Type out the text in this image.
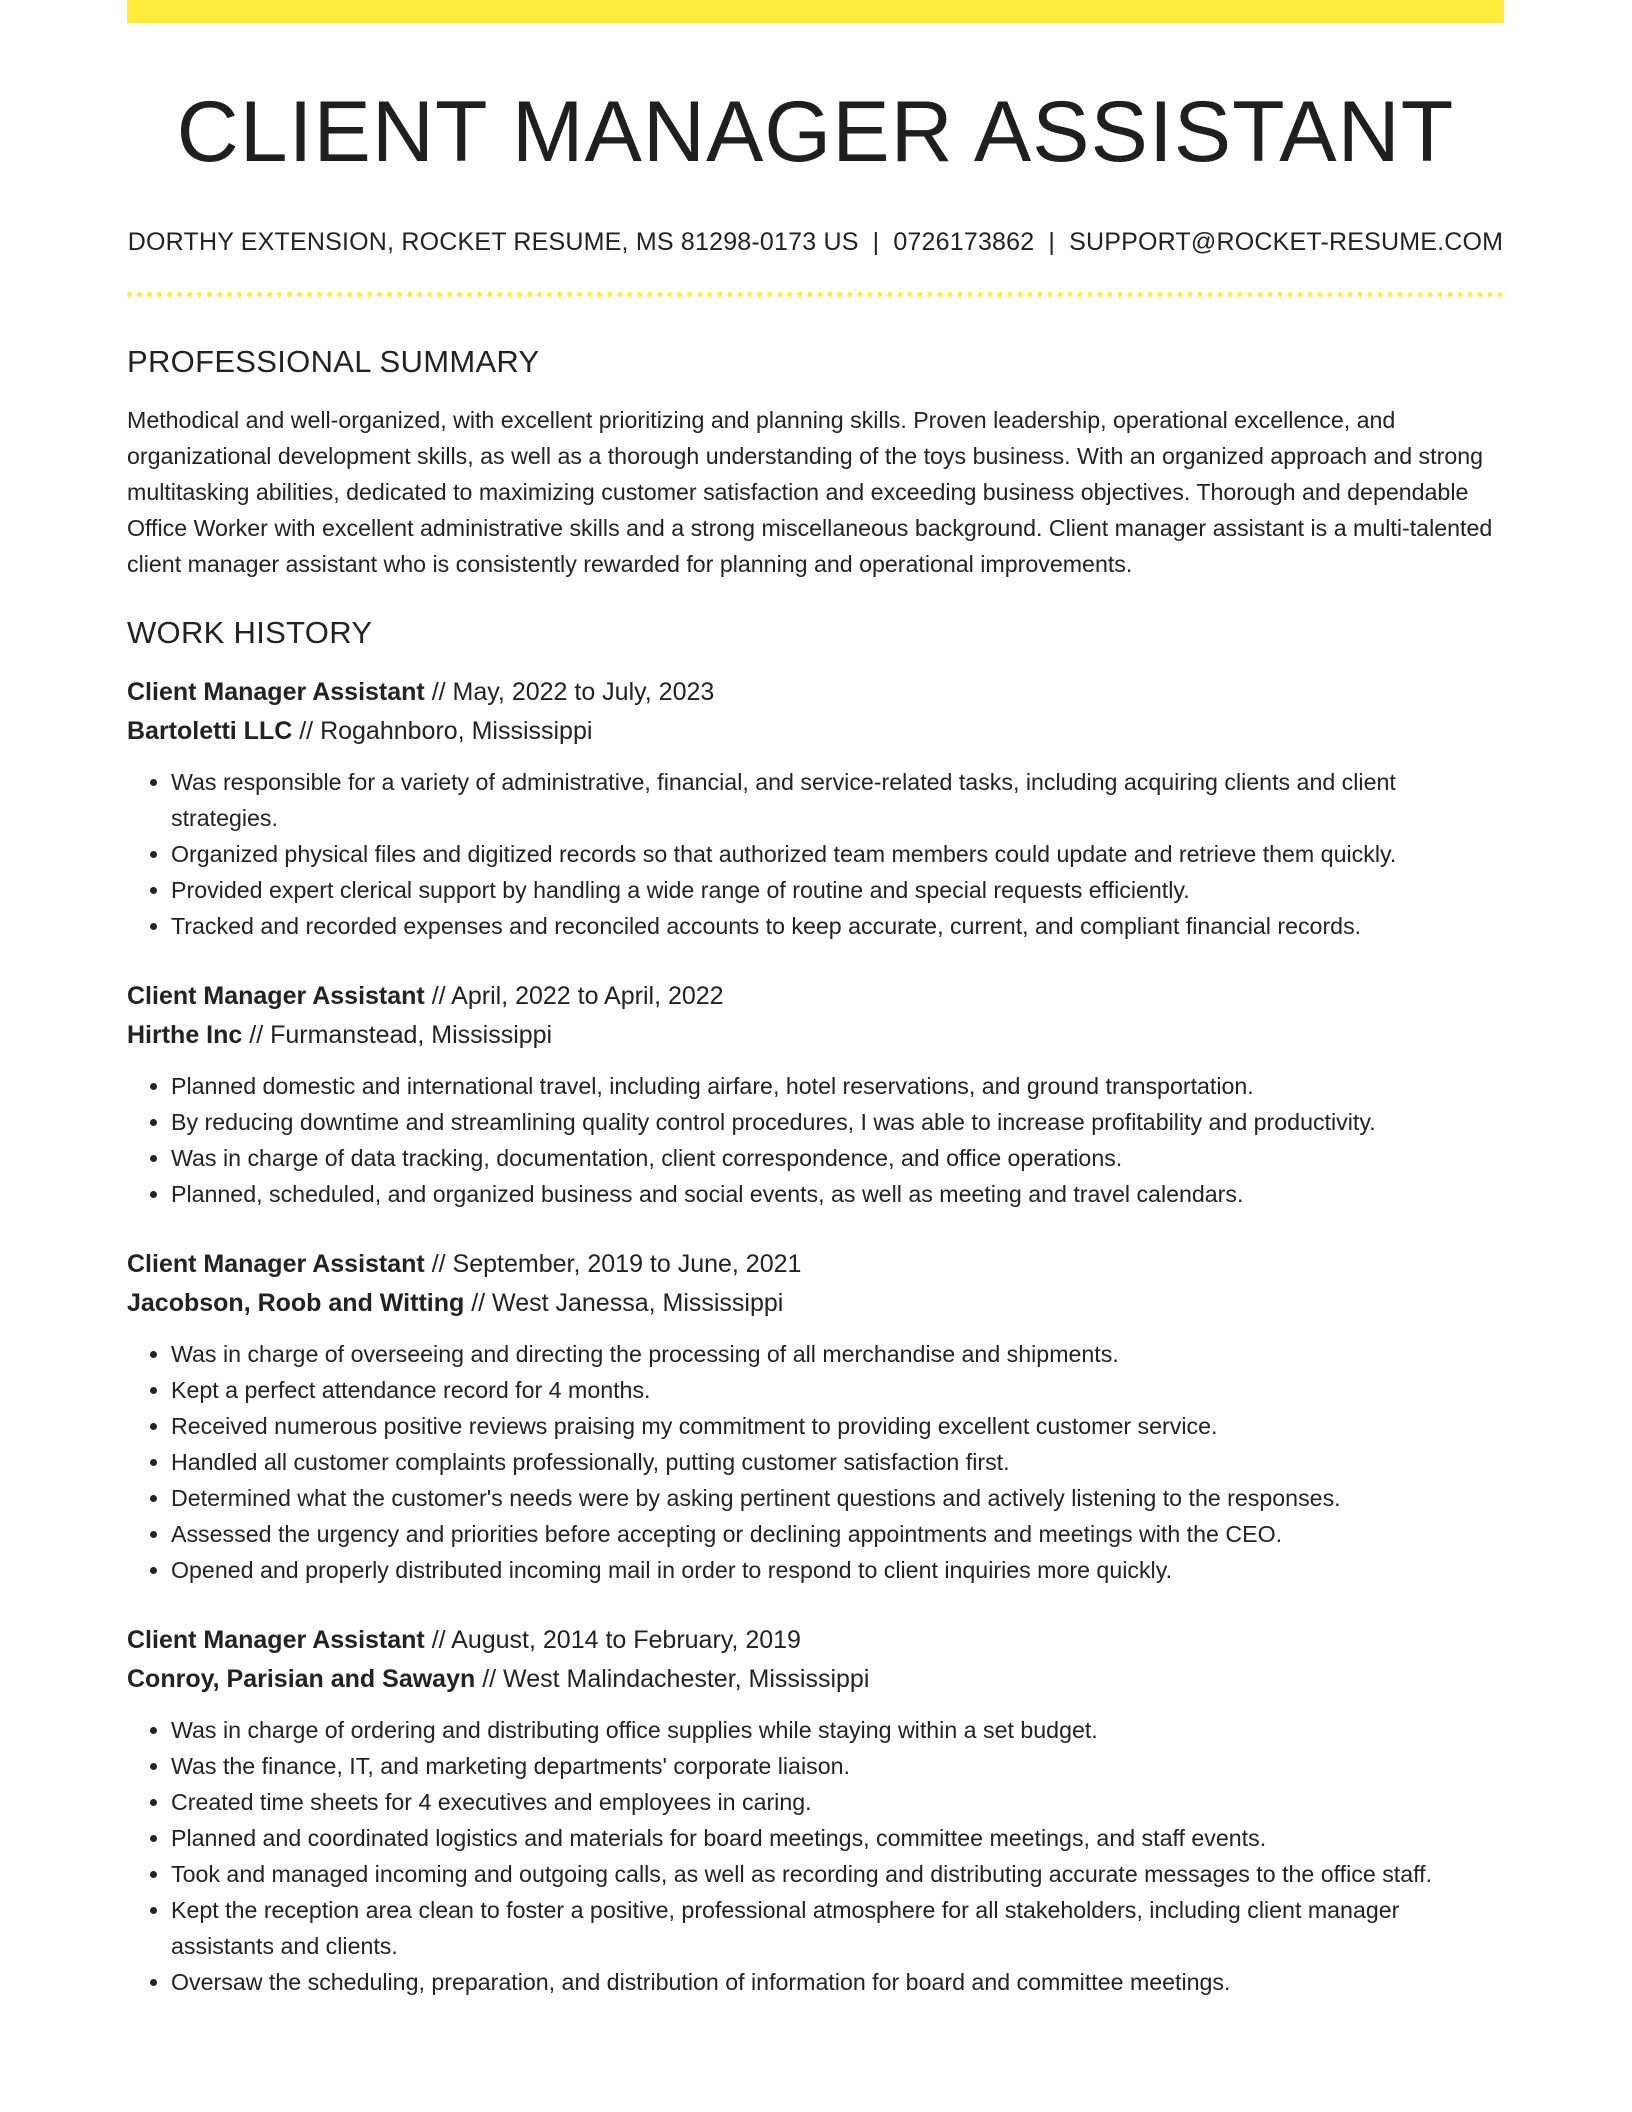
CLIENT MANAGER ASSISTANT
DORTHY EXTENSION, ROCKET RESUME, MS 81298-0173 US | 0726173862 | SUPPORT@ROCKET-RESUME.COM
PROFESSIONAL SUMMARY

Methodical and well-organized, with excellent prioritizing and planning skills. Proven leadership, operational excellence, and organizational development skills, as well as a thorough understanding of the toys business. With an organized approach and strong multitasking abilities, dedicated to maximizing customer satisfaction and exceeding business objectives. Thorough and dependable Office Worker with excellent administrative skills and a strong miscellaneous background. Client manager assistant is a multi-talented client manager assistant who is consistently rewarded for planning and operational improvements.

WORK HISTORY
Client Manager Assistant // May, 2022 to July, 2023
Bartoletti LLC // Rogahnboro, Mississippi
• Was responsible for a variety of administrative, financial, and service-related tasks, including acquiring clients and client strategies.
• Organized physical files and digitized records so that authorized team members could update and retrieve them quickly.
• Provided expert clerical support by handling a wide range of routine and special requests efficiently.
• Tracked and recorded expenses and reconciled accounts to keep accurate, current, and compliant financial records.
Client Manager Assistant // April, 2022 to April, 2022
Hirthe Inc // Furmanstead, Mississippi
• Planned domestic and international travel, including airfare, hotel reservations, and ground transportation.
• By reducing downtime and streamlining quality control procedures, I was able to increase profitability and productivity.
• Was in charge of data tracking, documentation, client correspondence, and office operations.
• Planned, scheduled, and organized business and social events, as well as meeting and travel calendars.
Client Manager Assistant // September, 2019 to June, 2021
Jacobson, Roob and Witting // West Janessa, Mississippi
• Was in charge of overseeing and directing the processing of all merchandise and shipments.
• Kept a perfect attendance record for 4 months.
• Received numerous positive reviews praising my commitment to providing excellent customer service.
• Handled all customer complaints professionally, putting customer satisfaction first.
• Determined what the customer's needs were by asking pertinent questions and actively listening to the responses.
• Assessed the urgency and priorities before accepting or declining appointments and meetings with the CEO.
• Opened and properly distributed incoming mail in order to respond to client inquiries more quickly.
Client Manager Assistant // August, 2014 to February, 2019
Conroy, Parisian and Sawayn // West Malindachester, Mississippi
• Was in charge of ordering and distributing office supplies while staying within a set budget.
• Was the finance, IT, and marketing departments' corporate liaison.
• Created time sheets for 4 executives and employees in caring.
• Planned and coordinated logistics and materials for board meetings, committee meetings, and staff events.
• Took and managed incoming and outgoing calls, as well as recording and distributing accurate messages to the office staff.
• Kept the reception area clean to foster a positive, professional atmosphere for all stakeholders, including client manager assistants and clients.
• Oversaw the scheduling, preparation, and distribution of information for board and committee meetings.
